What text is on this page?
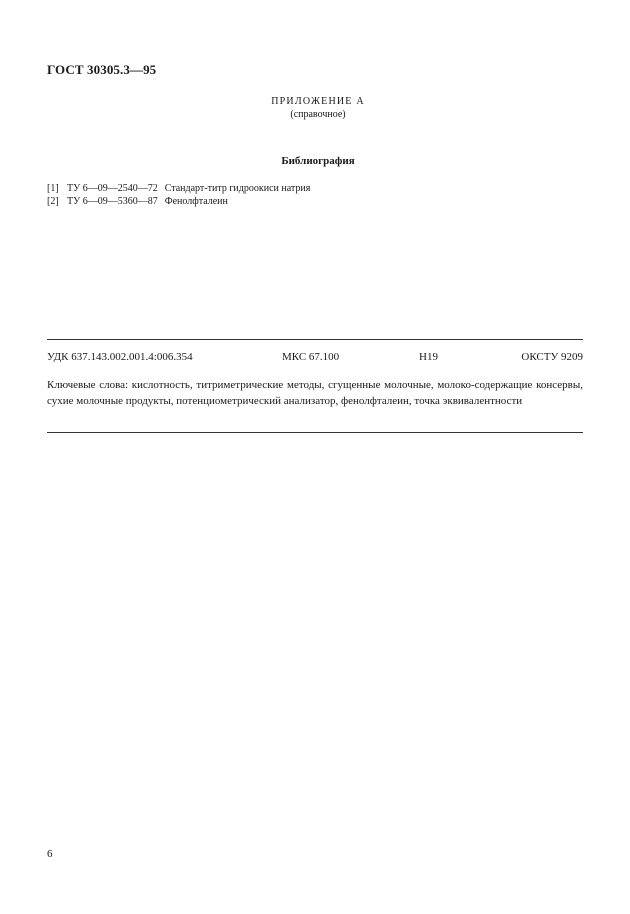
ГОСТ 30305.3—95
ПРИЛОЖЕНИЕ А
(справочное)
Библиография
[1] ТУ 6—09—2540—72 Стандарт-титр гидроокиси натрия
[2] ТУ 6—09—5360—87 Фенолфталеин
УДК 637.143.002.001.4:006.354	МКС 67.100	Н19	ОКСТУ 9209
Ключевые слова: кислотность, титриметрические методы, сгущенные молочные, молоко-содержащие консервы, сухие молочные продукты, потенциометрический анализатор, фенолфталеин, точка эквивалентности
6
